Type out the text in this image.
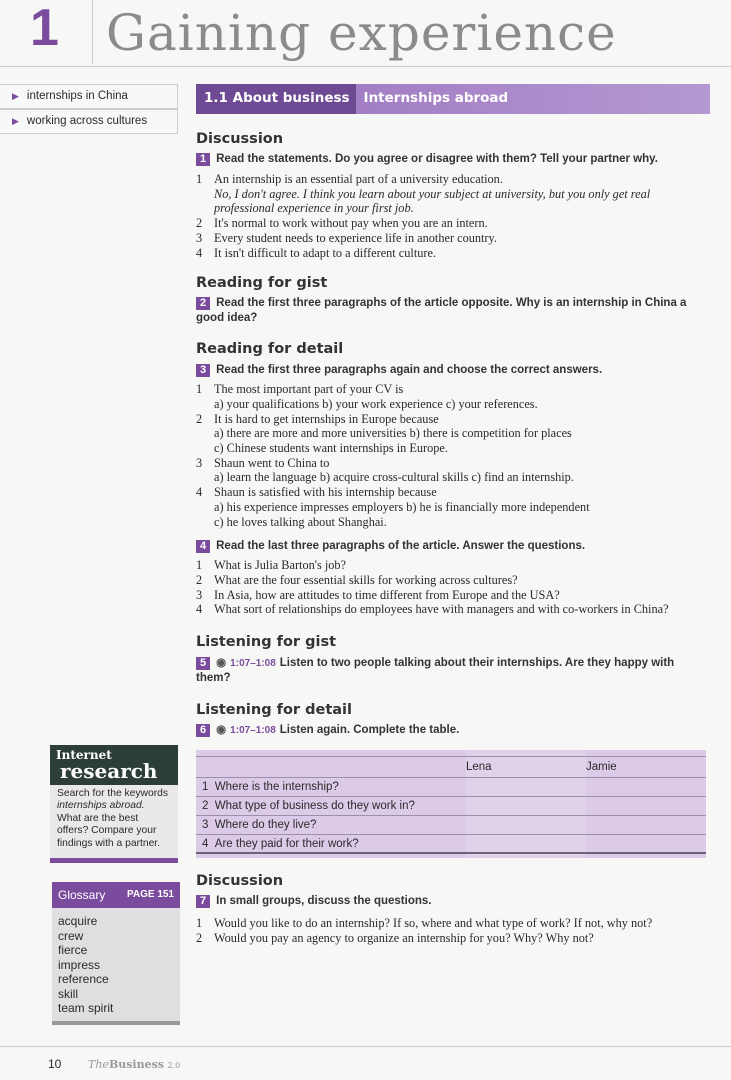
1 Gaining experience
▶ internships in China
▶ working across cultures
1.1 About business	Internships abroad
Discussion
1 Read the statements. Do you agree or disagree with them? Tell your partner why.
1 An internship is an essential part of a university education.
No, I don't agree. I think you learn about your subject at university, but you only get real professional experience in your first job.
2 It's normal to work without pay when you are an intern.
3 Every student needs to experience life in another country.
4 It isn't difficult to adapt to a different culture.
Reading for gist
2 Read the first three paragraphs of the article opposite. Why is an internship in China a good idea?
Reading for detail
3 Read the first three paragraphs again and choose the correct answers.
1 The most important part of your CV is
a) your qualifications b) your work experience c) your references.
2 It is hard to get internships in Europe because
a) there are more and more universities b) there is competition for places
c) Chinese students want internships in Europe.
3 Shaun went to China to
a) learn the language b) acquire cross-cultural skills c) find an internship.
4 Shaun is satisfied with his internship because
a) his experience impresses employers b) he is financially more independent
c) he loves talking about Shanghai.
4 Read the last three paragraphs of the article. Answer the questions.
1 What is Julia Barton's job?
2 What are the four essential skills for working across cultures?
3 In Asia, how are attitudes to time different from Europe and the USA?
4 What sort of relationships do employees have with managers and with co-workers in China?
Listening for gist
5 ◉ 1:07–1:08 Listen to two people talking about their internships. Are they happy with them?
Listening for detail
6 ◉ 1:07–1:08 Listen again. Complete the table.
Lena	Jamie
1 Where is the internship?
2 What type of business do they work in?
3 Where do they live?
4 Are they paid for their work?
Discussion
7 In small groups, discuss the questions.
1 Would you like to do an internship? If so, where and what type of work? If not, why not?
2 Would you pay an agency to organize an internship for you? Why? Why not?
Internet
research
Search for the keywords internships abroad. What are the best offers? Compare your findings with a partner.
Glossary PAGE 151
acquire
crew
fierce
impress
reference
skill
team spirit
10 TheBusiness 2.0
